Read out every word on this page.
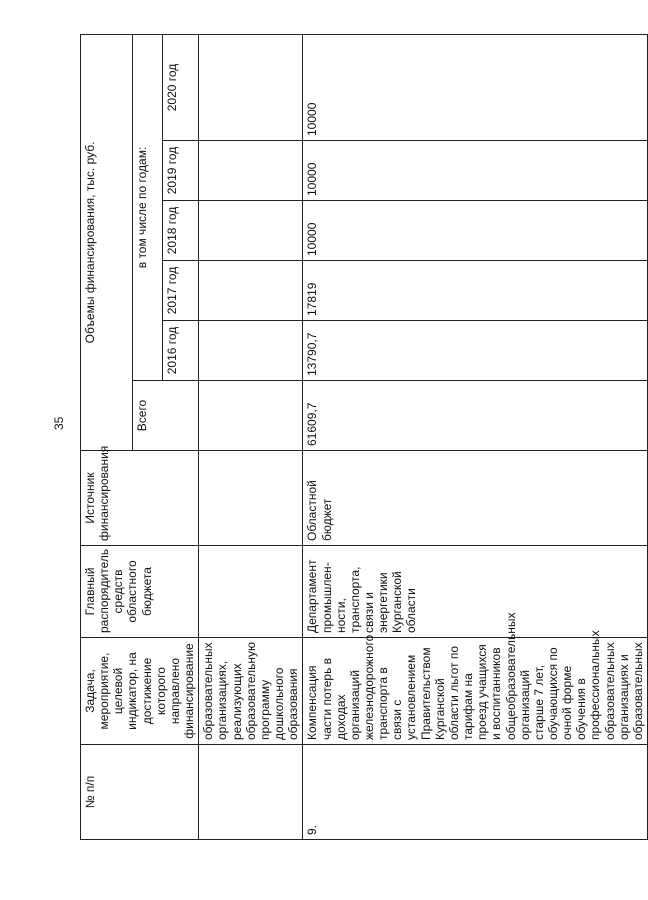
35
№ п/п	Задача, мероприятие, целевой индикатор, на достижение которого направлено финансирование	Главный распорядитель средств областного бюджета	Источник финансирования	Объемы финансирования, тыс. руб.					
				Всего	в том числе по годам:				
					2016 год	2017 год	2018 год	2019 год	2020 год
	образовательных организациях, реализующих образовательную программу дошкольного образования								
9.	Компенсация части потерь в доходах организаций железнодорожного транспорта в связи с установлением Правительством Курганской области льгот по тарифам на проезд учащихся и воспитанников общеобразовательных организаций старше 7 лет, обучающихся по очной форме обучения в профессиональных образовательных организациях и образовательных	Департамент промышлен-ности, транспорта, связи и энергетики Курганской области	Областной бюджет	61609,7	13790,7	17819	10000	10000	10000
